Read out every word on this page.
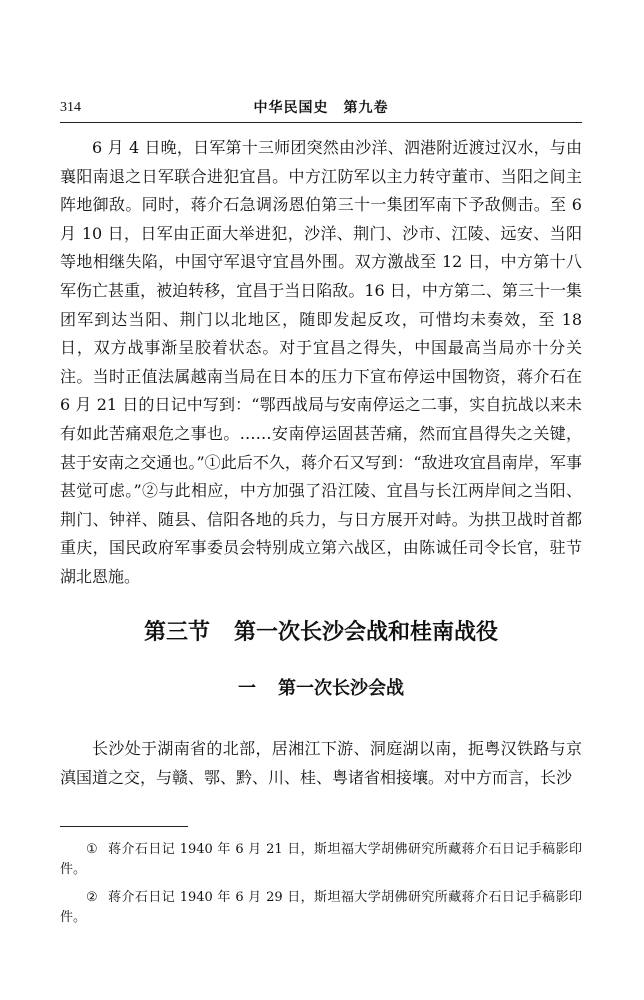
314	中华民国史　第九卷

6 月 4 日晚，日军第十三师团突然由沙洋、泗港附近渡过汉水，与由襄阳南退之日军联合进犯宜昌。中方江防军以主力转守董市、当阳之间主阵地御敌。同时，蒋介石急调汤恩伯第三十一集团军南下予敌侧击。至 6 月 10 日，日军由正面大举进犯，沙洋、荆门、沙市、江陵、远安、当阳等地相继失陷，中国守军退守宜昌外围。双方激战至 12 日，中方第十八军伤亡甚重，被迫转移，宜昌于当日陷敌。16 日，中方第二、第三十一集团军到达当阳、荆门以北地区，随即发起反攻，可惜均未奏效，至 18 日，双方战事渐呈胶着状态。对于宜昌之得失，中国最高当局亦十分关注。当时正值法属越南当局在日本的压力下宣布停运中国物资，蒋介石在 6 月 21 日的日记中写到：“鄂西战局与安南停运之二事，实自抗战以来未有如此苦痛艰危之事也。……安南停运固甚苦痛，然而宜昌得失之关键，甚于安南之交通也。”①此后不久，蒋介石又写到：“敌进攻宜昌南岸，军事甚觉可虑。”②与此相应，中方加强了沿江陵、宜昌与长江两岸间之当阳、荆门、钟祥、随县、信阳各地的兵力，与日方展开对峙。为拱卫战时首都重庆，国民政府军事委员会特别成立第六战区，由陈诚任司令长官，驻节湖北恩施。

第三节 第一次长沙会战和桂南战役
一 第一次长沙会战

长沙处于湖南省的北部，居湘江下游、洞庭湖以南，扼粤汉铁路与京滇国道之交，与赣、鄂、黔、川、桂、粤诸省相接壤。对中方而言，长沙

① 蒋介石日记 1940 年 6 月 21 日，斯坦福大学胡佛研究所藏蒋介石日记手稿影印件。

② 蒋介石日记 1940 年 6 月 29 日，斯坦福大学胡佛研究所藏蒋介石日记手稿影印件。
